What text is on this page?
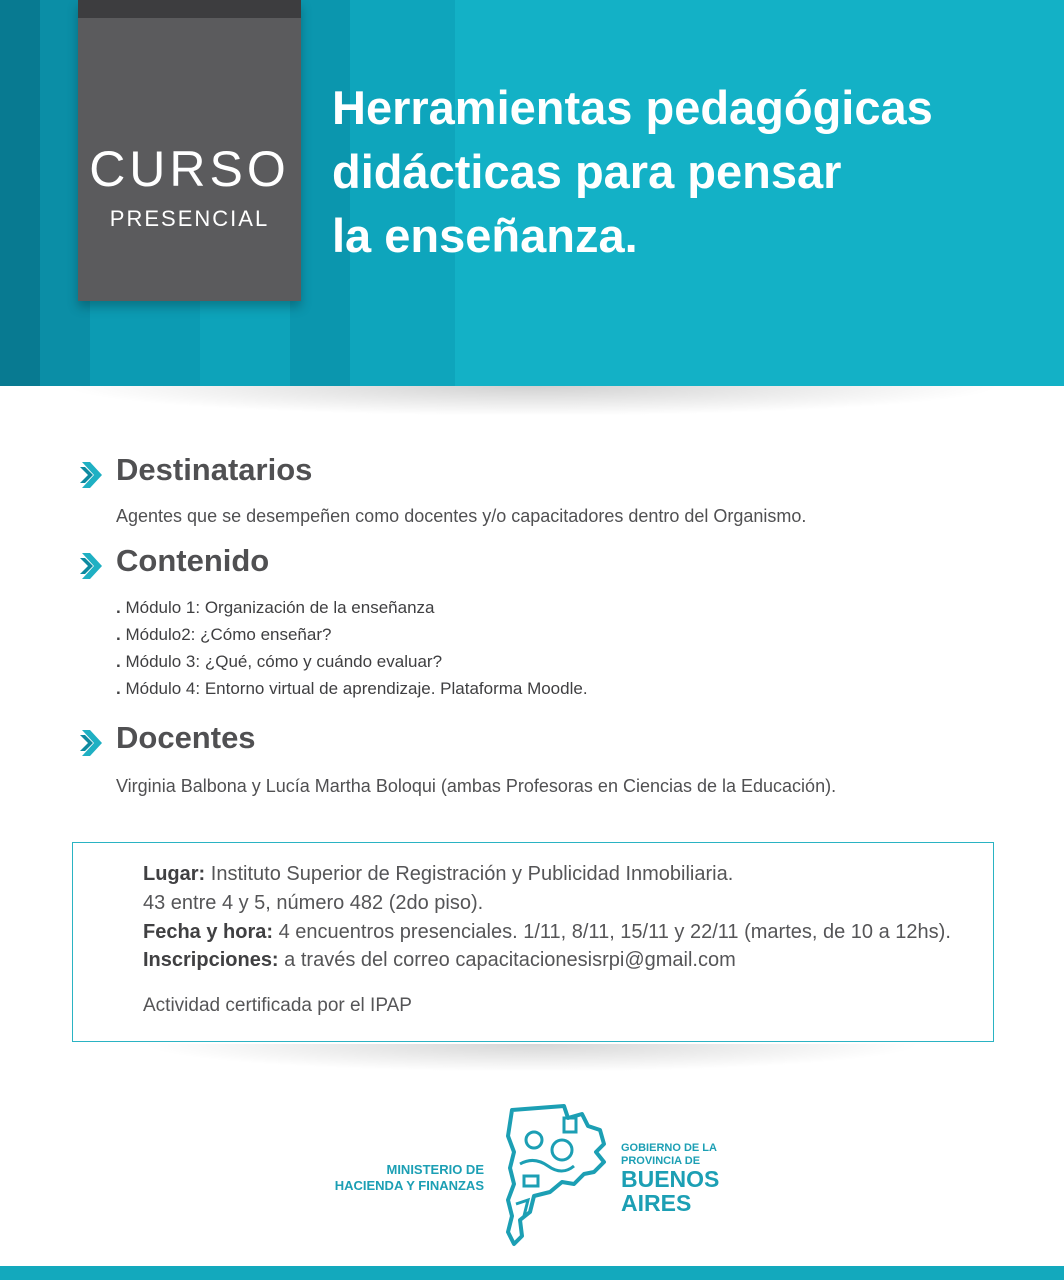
CURSO
PRESENCIAL
Herramientas pedagógicas
didácticas para pensar
la enseñanza.
Destinatarios
Agentes que se desempeñen como docentes y/o capacitadores dentro del Organismo.
Contenido
. Módulo 1: Organización de la enseñanza
. Módulo2: ¿Cómo enseñar?
. Módulo 3: ¿Qué, cómo y cuándo evaluar?
. Módulo 4: Entorno virtual de aprendizaje. Plataforma Moodle.
Docentes
Virginia Balbona y Lucía Martha Boloqui (ambas Profesoras en Ciencias de la Educación).
Lugar: Instituto Superior de Registración y Publicidad Inmobiliaria.
43 entre 4 y 5, número 482 (2do piso).
Fecha y hora: 4 encuentros presenciales. 1/11, 8/11, 15/11 y 22/11 (martes, de 10 a 12hs).
Inscripciones: a través del correo capacitacionesisrpi@gmail.com
Actividad certificada por el IPAP
MINISTERIO DE
HACIENDA Y FINANZAS
GOBIERNO DE LA
PROVINCIA DE
BUENOS
AIRES
